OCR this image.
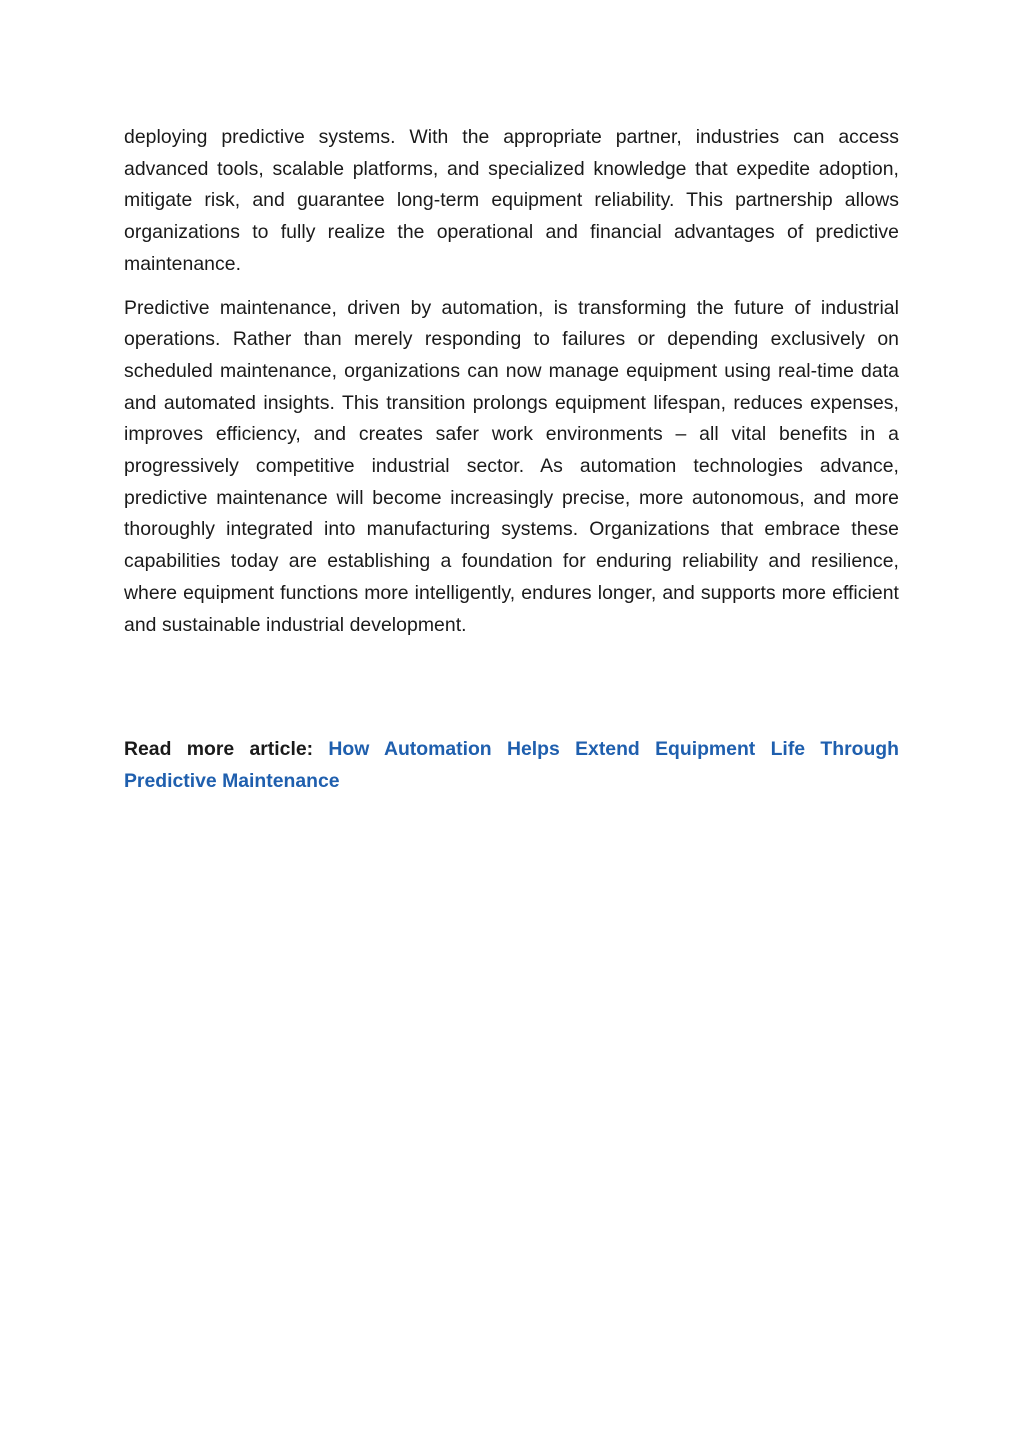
deploying predictive systems. With the appropriate partner, industries can access advanced tools, scalable platforms, and specialized knowledge that expedite adoption, mitigate risk, and guarantee long-term equipment reliability. This partnership allows organizations to fully realize the operational and financial advantages of predictive maintenance.

Predictive maintenance, driven by automation, is transforming the future of industrial operations. Rather than merely responding to failures or depending exclusively on scheduled maintenance, organizations can now manage equipment using real-time data and automated insights. This transition prolongs equipment lifespan, reduces expenses, improves efficiency, and creates safer work environments – all vital benefits in a progressively competitive industrial sector. As automation technologies advance, predictive maintenance will become increasingly precise, more autonomous, and more thoroughly integrated into manufacturing systems. Organizations that embrace these capabilities today are establishing a foundation for enduring reliability and resilience, where equipment functions more intelligently, endures longer, and supports more efficient and sustainable industrial development.

Read more article: How Automation Helps Extend Equipment Life Through Predictive Maintenance
